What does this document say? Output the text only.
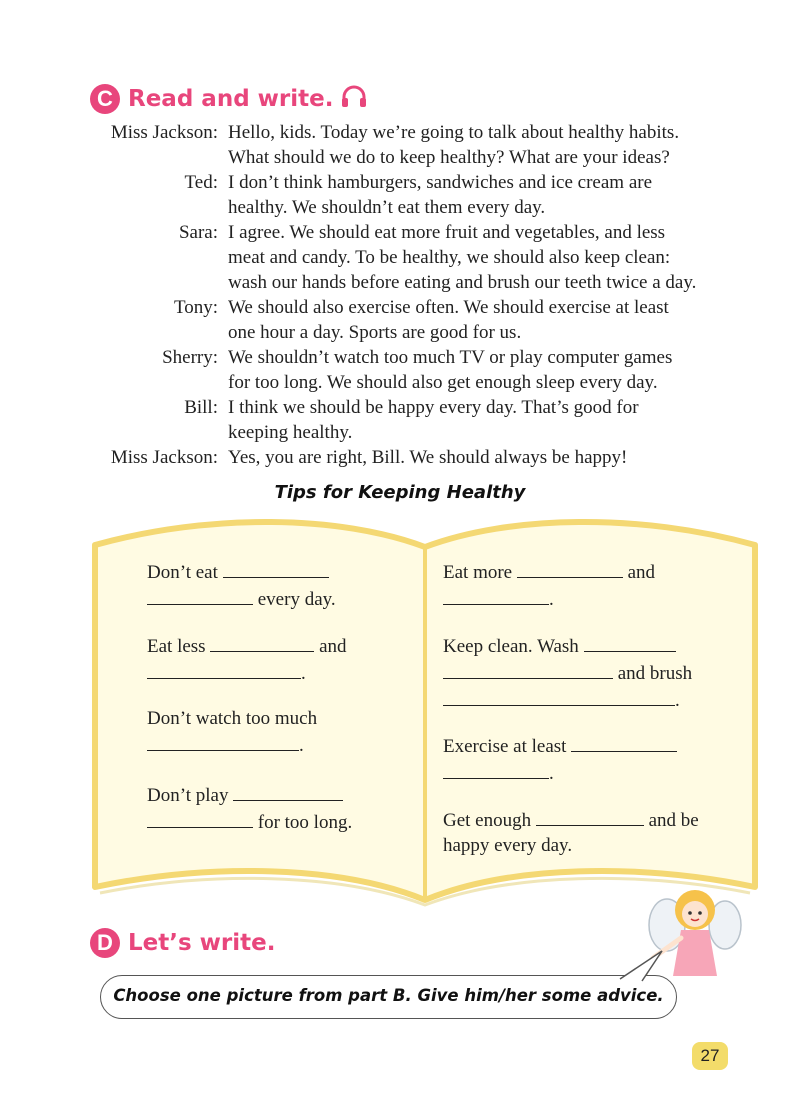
C Read and write.
Miss Jackson: Hello, kids. Today we’re going to talk about healthy habits.
What should we do to keep healthy? What are your ideas?
Ted: I don’t think hamburgers, sandwiches and ice cream are
healthy. We shouldn’t eat them every day.
Sara: I agree. We should eat more fruit and vegetables, and less
meat and candy. To be healthy, we should also keep clean:
wash our hands before eating and brush our teeth twice a day.
Tony: We should also exercise often. We should exercise at least
one hour a day. Sports are good for us.
Sherry: We shouldn’t watch too much TV or play computer games
for too long. We should also get enough sleep every day.
Bill: I think we should be happy every day. That’s good for
keeping healthy.
Miss Jackson: Yes, you are right, Bill. We should always be happy!
Tips for Keeping Healthy
Don’t eat
every day.
Eat less	and
.
Don’t watch too much
.
Don’t play
for too long.
Eat more	and
.
Keep clean. Wash
and brush
.
Exercise at least
.
Get enough	and be
happy every day.
D Let’s write.
Choose one picture from part B. Give him/her some advice.
27
